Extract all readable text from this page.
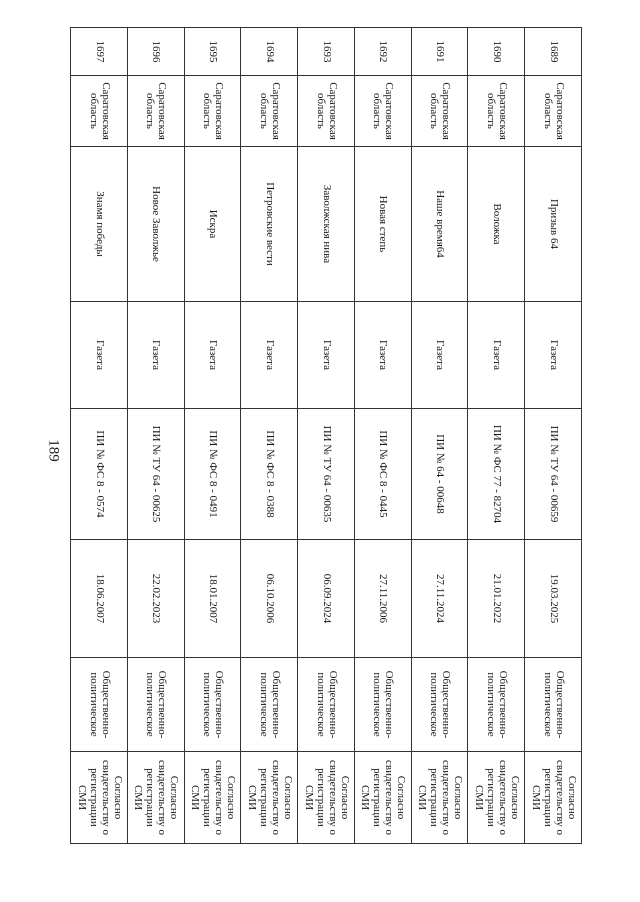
189
1697	Саратовская область	Знамя победы	Газета	ПИ № ФС 8 - 0574	18.06.2007	Общественно-политическое	Согласно свидетельству о регистрации СМИ
1696	Саратовская область	Новое Заволжье	Газета	ПИ № ТУ 64 - 00625	22.02.2023	Общественно-политическое	Согласно свидетельству о регистрации СМИ
1695	Саратовская область	Искра	Газета	ПИ № ФС 8 - 0491	18.01.2007	Общественно-политическое	Согласно свидетельству о регистрации СМИ
1694	Саратовская область	Петровские вести	Газета	ПИ № ФС 8 - 0388	06.10.2006	Общественно-политическое	Согласно свидетельству о регистрации СМИ
1693	Саратовская область	Заволжская нива	Газета	ПИ № ТУ 64 - 00635	06.09.2024	Общественно-политическое	Согласно свидетельству о регистрации СМИ
1692	Саратовская область	Новая степь	Газета	ПИ № ФС 8 - 0445	27.11.2006	Общественно-политическое	Согласно свидетельству о регистрации СМИ
1691	Саратовская область	Наше время64	Газета	ПИ № 64 - 00648	27.11.2024	Общественно-политическое	Согласно свидетельству о регистрации СМИ
1690	Саратовская область	Воложка	Газета	ПИ № ФС 77 - 82704	21.01.2022	Общественно-политическое	Согласно свидетельству о регистрации СМИ
1689	Саратовская область	Призыв 64	Газета	ПИ № ТУ 64 - 00659	19.03.2025	Общественно-политическое	Согласно свидетельству о регистрации СМИ
